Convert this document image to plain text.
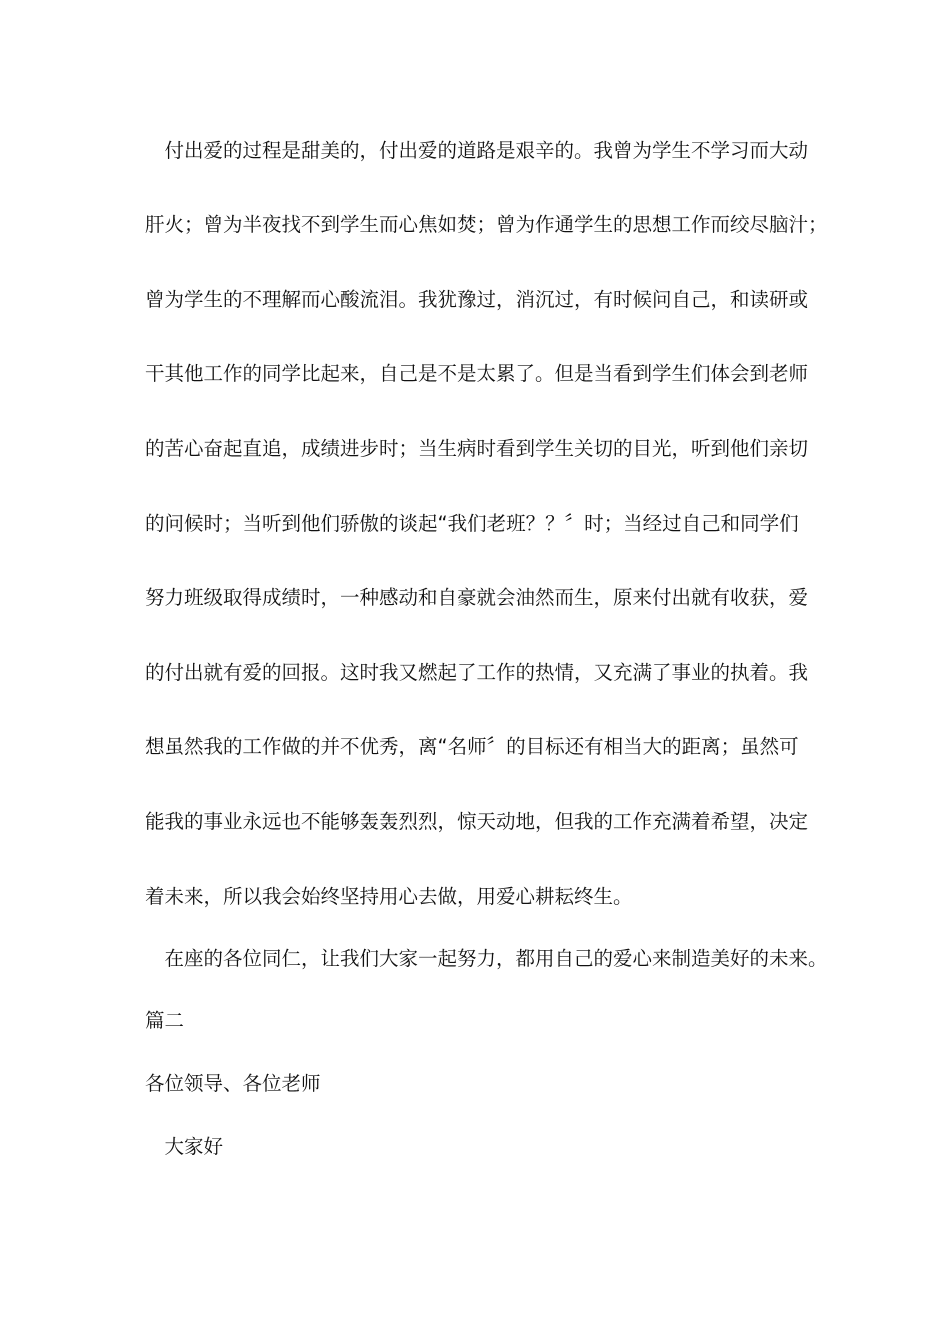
　付出爱的过程是甜美的，付出爱的道路是艰辛的。我曾为学生不学习而大动
肝火；曾为半夜找不到学生而心焦如焚；曾为作通学生的思想工作而绞尽脑汁；
曾为学生的不理解而心酸流泪。我犹豫过，消沉过，有时候问自己，和读研或
干其他工作的同学比起来，自己是不是太累了。但是当看到学生们体会到老师
的苦心奋起直追，成绩进步时；当生病时看到学生关切的目光，听到他们亲切
的问候时；当听到他们骄傲的谈起“我们老班？？〞时；当经过自己和同学们
努力班级取得成绩时，一种感动和自豪就会油然而生，原来付出就有收获，爱
的付出就有爱的回报。这时我又燃起了工作的热情，又充满了事业的执着。我
想虽然我的工作做的并不优秀，离“名师〞的目标还有相当大的距离；虽然可
能我的事业永远也不能够轰轰烈烈，惊天动地，但我的工作充满着希望，决定
着未来，所以我会始终坚持用心去做，用爱心耕耘终生。
　在座的各位同仁，让我们大家一起努力，都用自己的爱心来制造美好的未来。
篇二
各位领导、各位老师
　大家好
